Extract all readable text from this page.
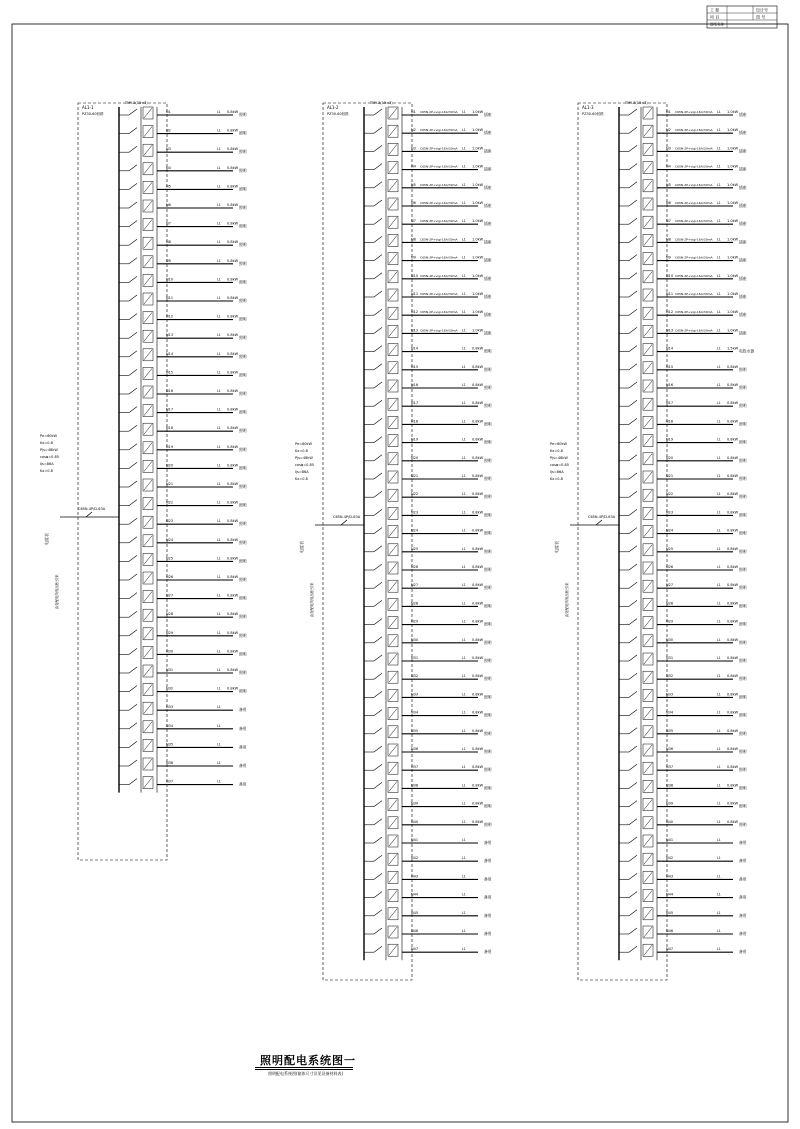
工 程	设计号
项 目	图 号
图纸名称
AL1-1
PZ30-60回路
TMY-3(15×3)
C65N-4P/D-63A
Pe=60kW
Kx=0.8
Pjs=48kW
cosφ=0.85
Ijs=86A
Kx=0.8
电度表
由变配电所低压柜引来
N1	L1 0.8kW 照明
N2	L1 0.8kW 照明
N3	L1 0.8kW 照明
N4	L1 0.8kW 照明
N5	L1 0.8kW 照明
N6	L1 0.8kW 照明
N7	L1 0.8kW 照明
N8	L1 0.8kW 照明
N9	L1 0.8kW 照明
N10	L1 0.8kW 照明
N11	L1 0.8kW 照明
N12	L1 0.8kW 照明
N13	L1 0.8kW 照明
N14	L1 0.8kW 照明
N15	L1 0.8kW 照明
N16	L1 0.8kW 照明
N17	L1 0.8kW 照明
N18	L1 0.8kW 照明
N19	L1 0.8kW 照明
N20	L1 0.8kW 照明
N21	L1 0.8kW 照明
N22	L1 0.8kW 照明
N23	L1 0.8kW 照明
N24	L1 0.8kW 照明
N25	L1 0.8kW 照明
N26	L1 0.8kW 照明
N27	L1 0.8kW 照明
N28	L1 0.8kW 照明
N29	L1 0.8kW 照明
N30	L1 0.8kW 照明
N31	L1 0.8kW 照明
N32	L1 0.8kW 照明
N33	L1	备用
N34	L1	备用
N35	L1	备用
N36	L1	备用
N37	L1	备用
AL1-2
PZ30-60回路
TMY-3(15×3)
C65N-4P/D-63A
Pe=60kW
Kx=0.8
Pjs=48kW
cosφ=0.85
Ijs=86A
Kx=0.8
电度表
由变配电所低压柜引来
N1 C65N-2P+vigi-16A/30mA L1 1.0kW 插座
N2 C65N-2P+vigi-16A/30mA L1 1.0kW 插座
N3 C65N-2P+vigi-16A/30mA L1 1.0kW 插座
N4 C65N-2P+vigi-16A/30mA L1 1.0kW 插座
N5 C65N-2P+vigi-16A/30mA L1 1.0kW 插座
N6 C65N-2P+vigi-16A/30mA L1 1.0kW 插座
N7 C65N-2P+vigi-16A/30mA L1 1.0kW 插座
N8 C65N-2P+vigi-16A/30mA L1 1.0kW 插座
N9 C65N-2P+vigi-16A/30mA L1 1.0kW 插座
N10 C65N-2P+vigi-16A/30mA L1 1.0kW 插座
N11 C65N-2P+vigi-16A/30mA L1 1.0kW 插座
N12 C65N-2P+vigi-16A/30mA L1 1.0kW 插座
N13 C65N-2P+vigi-16A/30mA L1 1.0kW 插座
N14	L1 0.8kW 照明
N15	L1 0.8kW 照明
N16	L1 0.8kW 照明
N17	L1 0.8kW 照明
N18	L1 0.8kW 照明
N19	L1 0.8kW 照明
N20	L1 0.8kW 照明
N21	L1 0.8kW 照明
N22	L1 0.8kW 照明
N23	L1 0.8kW 照明
N24	L1 0.8kW 照明
N25	L1 0.8kW 照明
N26	L1 0.8kW 照明
N27	L1 0.8kW 照明
N28	L1 0.8kW 照明
N29	L1 0.8kW 照明
N30	L1 0.8kW 照明
N31	L1 0.8kW 照明
N32	L1 0.8kW 照明
N33	L1 0.8kW 照明
N34	L1 0.8kW 照明
N35	L1 0.8kW 照明
N36	L1 0.8kW 照明
N37	L1 0.8kW 照明
N38	L1 0.8kW 照明
N39	L1 0.8kW 照明
N40	L1 0.8kW 照明
N41	L1	备用
N42	L1	备用
N43	L1	备用
N44	L1	备用
N45	L1	备用
N46	L1	备用
N47	L1	备用
AL1-3
PZ30-60回路
TMY-3(15×3)
C65N-4P/D-63A
Pe=60kW
Kx=0.8
Pjs=48kW
cosφ=0.85
Ijs=86A
Kx=0.8
电度表
由变配电所低压柜引来
N1 C65N-2P+vigi-16A/30mA L1 1.0kW 插座
N2 C65N-2P+vigi-16A/30mA L1 1.0kW 插座
N3 C65N-2P+vigi-16A/30mA L1 1.0kW 插座
N4 C65N-2P+vigi-16A/30mA L1 1.0kW 插座
N5 C65N-2P+vigi-16A/30mA L1 1.0kW 插座
N6 C65N-2P+vigi-16A/30mA L1 1.0kW 插座
N7 C65N-2P+vigi-16A/30mA L1 1.0kW 插座
N8 C65N-2P+vigi-16A/30mA L1 1.0kW 插座
N9 C65N-2P+vigi-16A/30mA L1 1.0kW 插座
N10 C65N-2P+vigi-16A/30mA L1 1.0kW 插座
N11 C65N-2P+vigi-16A/30mA L1 1.0kW 插座
N12 C65N-2P+vigi-16A/30mA L1 1.0kW 插座
N13 C65N-2P+vigi-16A/30mA L1 1.0kW 插座
N14	L1 1.5kW 电热水器
N15	L1 0.8kW 照明
N16	L1 0.8kW 照明
N17	L1 0.8kW 照明
N18	L1 0.8kW 照明
N19	L1 0.8kW 照明
N20	L1 0.8kW 照明
N21	L1 0.8kW 照明
N22	L1 0.8kW 照明
N23	L1 0.8kW 照明
N24	L1 0.8kW 照明
N25	L1 0.8kW 照明
N26	L1 0.8kW 照明
N27	L1 0.8kW 照明
N28	L1 0.8kW 照明
N29	L1 0.8kW 照明
N30	L1 0.8kW 照明
N31	L1 0.8kW 照明
N32	L1 0.8kW 照明
N33	L1 0.8kW 照明
N34	L1 0.8kW 照明
N35	L1 0.8kW 照明
N36	L1 0.8kW 照明
N37	L1 0.8kW 照明
N38	L1 0.8kW 照明
N39	L1 0.8kW 照明
N40	L1 0.8kW 照明
N41	L1	备用
N42	L1	备用
N43	L1	备用
N44	L1	备用
N45	L1	备用
N46	L1	备用
N47	L1	备用
照明配电系统图一
照明配电系统图(箱体尺寸详见设备材料表)
